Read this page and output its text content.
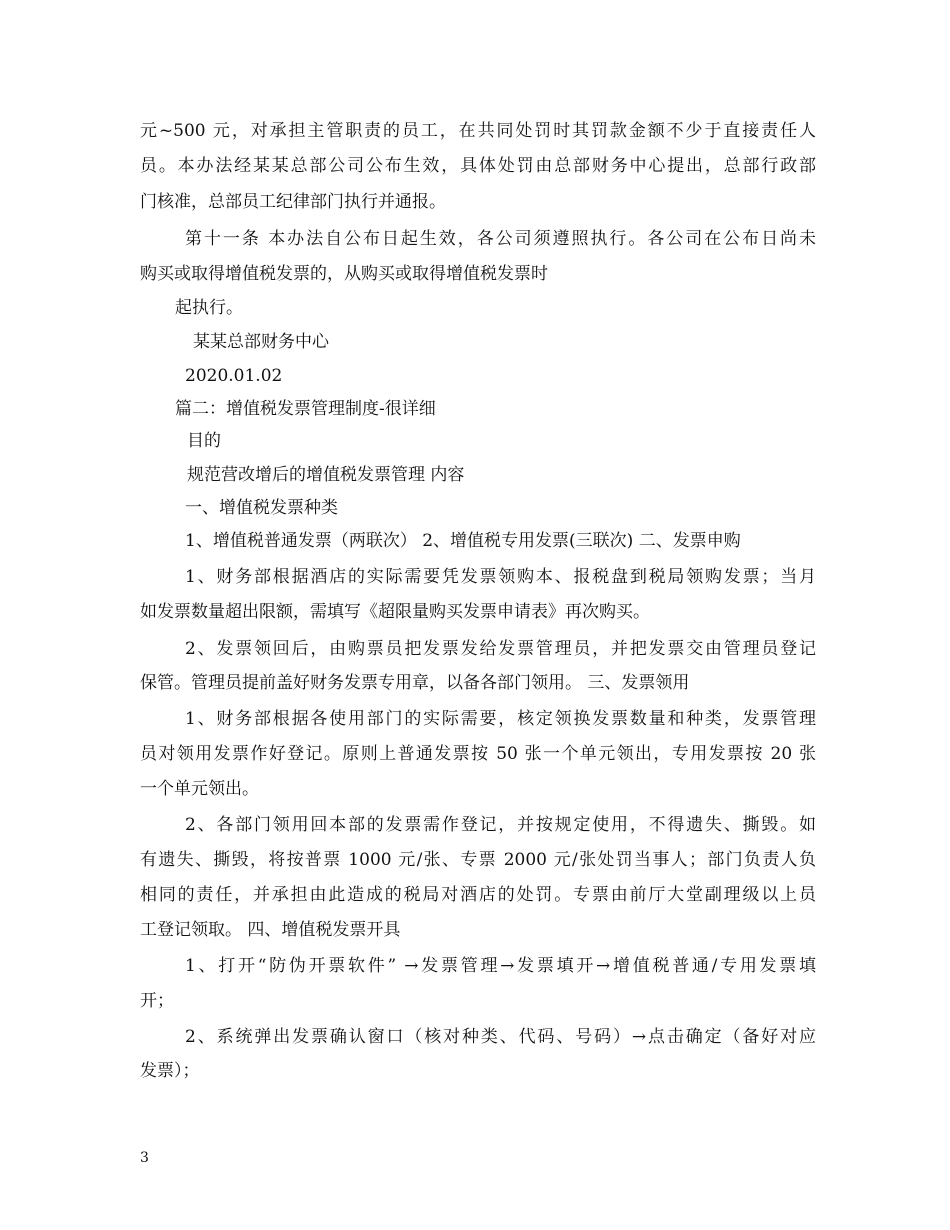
元~500 元，对承担主管职责的员工，在共同处罚时其罚款金额不少于直接责任人
员。本办法经某某总部公司公布生效，具体处罚由总部财务中心提出，总部行政部
门核准，总部员工纪律部门执行并通报。
第十一条 本办法自公布日起生效，各公司须遵照执行。各公司在公布日尚未
购买或取得增值税发票的，从购买或取得增值税发票时
起执行。
某某总部财务中心
2020.01.02
篇二：增值税发票管理制度-很详细
目的
规范营改增后的增值税发票管理 内容
一、增值税发票种类
1、增值税普通发票（两联次） 2、增值税专用发票(三联次) 二、发票申购
1、财务部根据酒店的实际需要凭发票领购本、报税盘到税局领购发票；当月
如发票数量超出限额，需填写《超限量购买发票申请表》再次购买。
2、发票领回后，由购票员把发票发给发票管理员，并把发票交由管理员登记
保管。管理员提前盖好财务发票专用章，以备各部门领用。 三、发票领用
1、财务部根据各使用部门的实际需要，核定领换发票数量和种类，发票管理
员对领用发票作好登记。原则上普通发票按 50 张一个单元领出，专用发票按 20 张
一个单元领出。
2、各部门领用回本部的发票需作登记，并按规定使用，不得遗失、撕毁。如
有遗失、撕毁，将按普票 1000 元/张、专票 2000 元/张处罚当事人；部门负责人负
相同的责任，并承担由此造成的税局对酒店的处罚。专票由前厅大堂副理级以上员
工登记领取。 四、增值税发票开具
1、打开“防伪开票软件” →发票管理→发票填开→增值税普通/专用发票填
开；
2、系统弹出发票确认窗口（核对种类、代码、号码）→点击确定（备好对应
发票）；
3
